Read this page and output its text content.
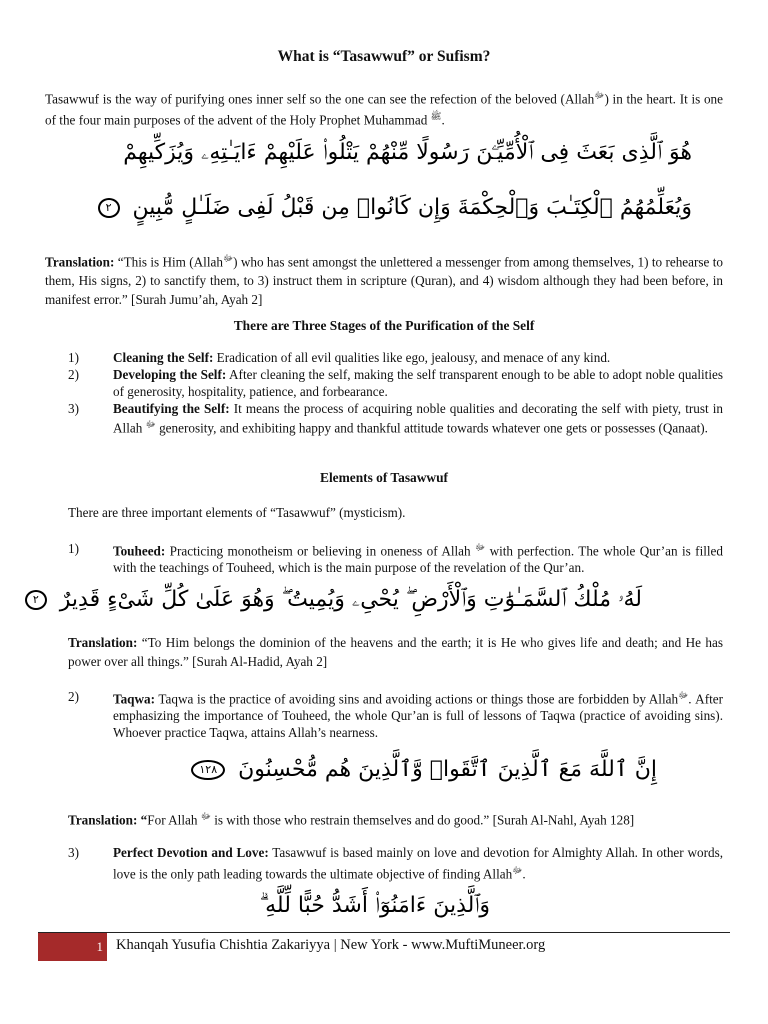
What is “Tasawwuf” or Sufism?
Tasawwuf is the way of purifying ones inner self so the one can see the refection of the beloved (Allah$^ﷻ$) in the heart. It is one of the four main purposes of the advent of the Holy Prophet Muhammad $^ﷺ$.
هُوَ ٱلَّذِى بَعَثَ فِى ٱلْأُمِّيِّـۧنَ رَسُولًا مِّنْهُمْ يَتْلُوا۟ عَلَيْهِمْ ءَايَـٰتِهِۦ وَيُزَكِّيهِمْ
وَيُعَلِّمُهُمُ ٱلْكِتَـٰبَ وَٱلْحِكْمَةَ وَإِن كَانُوا۟ مِن قَبْلُ لَفِى ضَلَـٰلٍ مُّبِينٍ ٢
Translation: “This is Him (Allah$^ﷻ$) who has sent amongst the unlettered a messenger from among themselves, 1) to rehearse to them, His signs, 2) to sanctify them, to 3) instruct them in scripture (Quran), and 4) wisdom although they had been before, in manifest error.” [Surah Jumu’ah, Ayah 2]
There are Three Stages of the Purification of the Self
1)	Cleaning the Self: Eradication of all evil qualities like ego, jealousy, and menace of any kind.
2)	Developing the Self: After cleaning the self, making the self transparent enough to be able to adopt noble qualities of generosity, hospitality, patience, and forbearance.
3)	Beautifying the Self: It means the process of acquiring noble qualities and decorating the self with piety, trust in Allah $^ﷻ$ generosity, and exhibiting happy and thankful attitude towards whatever one gets or possesses (Qanaat).
Elements of Tasawwuf
There are three important elements of “Tasawwuf” (mysticism).
1)	Touheed: Practicing monotheism or believing in oneness of Allah $^ﷻ$ with perfection. The whole Qur’an is filled with the teachings of Touheed, which is the main purpose of the revelation of the Qur’an.
لَهُۥ مُلْكُ ٱلسَّمَـٰوَٰتِ وَٱلْأَرْضِ ۖ يُحْىِۦ وَيُمِيتُ ۖ وَهُوَ عَلَىٰ كُلِّ شَىْءٍ قَدِيرٌ ٢
Translation: “To Him belongs the dominion of the heavens and the earth; it is He who gives life and death; and He has power over all things.” [Surah Al-Hadid, Ayah 2]
2)	Taqwa: Taqwa is the practice of avoiding sins and avoiding actions or things those are forbidden by Allah$^ﷻ$. After emphasizing the importance of Touheed, the whole Qur’an is full of lessons of Taqwa (practice of avoiding sins). Whoever practice Taqwa, attains Allah’s nearness.
إِنَّ ٱللَّهَ مَعَ ٱلَّذِينَ ٱتَّقَوا۟ وَّٱلَّذِينَ هُم مُّحْسِنُونَ ١٢٨
Translation: “For Allah $^ﷻ$ is with those who restrain themselves and do good.” [Surah Al-Nahl, Ayah 128]
3)	Perfect Devotion and Love: Tasawwuf is based mainly on love and devotion for Almighty Allah. In other words, love is the only path leading towards the ultimate objective of finding Allah$^ﷻ$.
وَٱلَّذِينَ ءَامَنُوٓا۟ أَشَدُّ حُبًّا لِّلَّهِ ۗ
1 Khanqah Yusufia Chishtia Zakariyya | New York - www.MuftiMuneer.org
